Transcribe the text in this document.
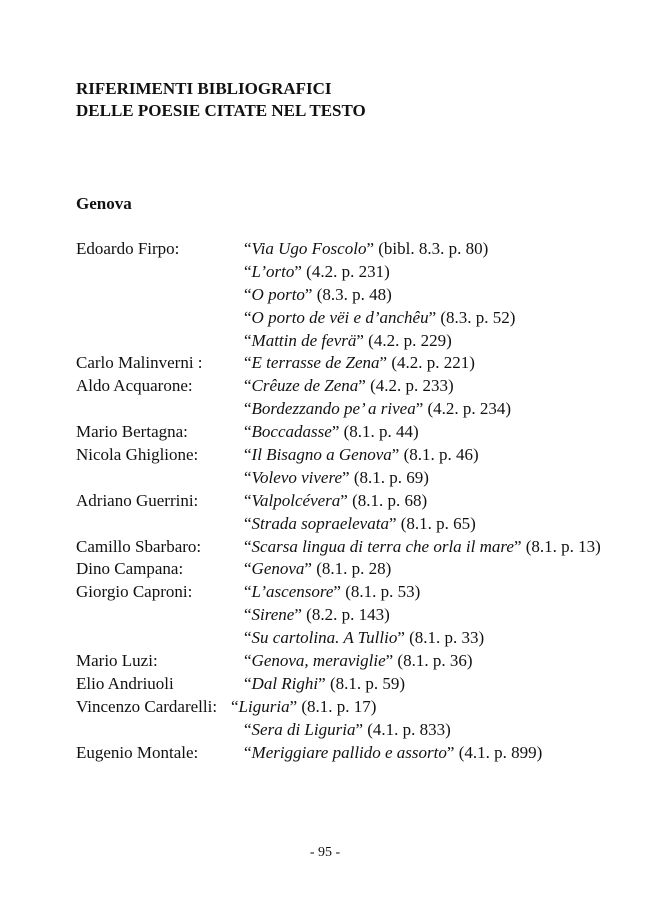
RIFERIMENTI BIBLIOGRAFICI
DELLE POESIE CITATE NEL TESTO
Genova
Edoardo Firpo:	“Via Ugo Foscolo” (bibl. 8.3. p. 80)
“L’orto” (4.2. p. 231)
“O porto” (8.3. p. 48)
“O porto de vëi e d’anchêu” (8.3. p. 52)
“Mattin de fevrä” (4.2. p. 229)
Carlo Malinverni : “E terrasse de Zena” (4.2. p. 221)
Aldo Acquarone:	“Crêuze de Zena” (4.2. p. 233)
“Bordezzando pe’ a rivea” (4.2. p. 234)
Mario Bertagna:	“Boccadasse” (8.1. p. 44)
Nicola Ghiglione:	“Il Bisagno a Genova” (8.1. p. 46)
“Volevo vivere” (8.1. p. 69)
Adriano Guerrini:	“Valpolcévera” (8.1. p. 68)
“Strada sopraelevata” (8.1. p. 65)
Camillo Sbarbaro:	“Scarsa lingua di terra che orla il mare” (8.1. p. 13)
Dino Campana:	“Genova” (8.1. p. 28)
Giorgio Caproni:	“L’ascensore” (8.1. p. 53)
“Sirene” (8.2. p. 143)
“Su cartolina. A Tullio” (8.1. p. 33)
Mario Luzi:	“Genova, meraviglie” (8.1. p. 36)
Elio Andriuoli	“Dal Righi” (8.1. p. 59)
Vincenzo Cardarelli: “Liguria” (8.1. p. 17)
“Sera di Liguria” (4.1. p. 833)
Eugenio Montale:	“Meriggiare pallido e assorto” (4.1. p. 899)
- 95 -
